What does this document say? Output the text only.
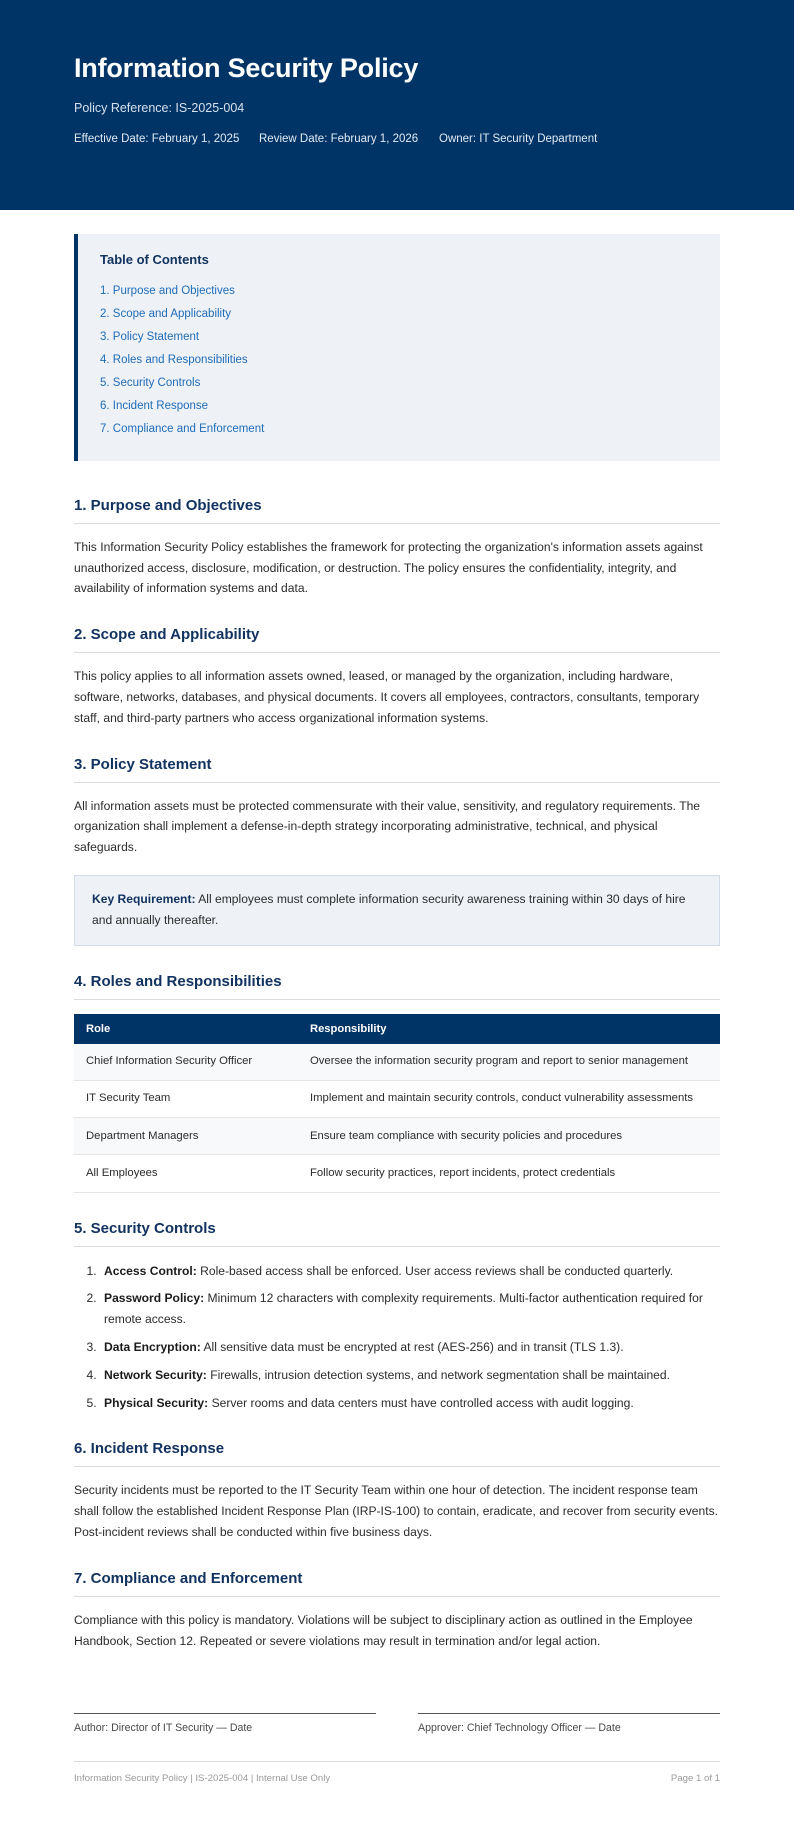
Information Security Policy
Policy Reference: IS-2025-004
Effective Date: February 1, 2025	Review Date: February 1, 2026	Owner: IT Security Department
Table of Contents
1. Purpose and Objectives
2. Scope and Applicability
3. Policy Statement
4. Roles and Responsibilities
5. Security Controls
6. Incident Response
7. Compliance and Enforcement
1. Purpose and Objectives

This Information Security Policy establishes the framework for protecting the organization's information assets against unauthorized access, disclosure, modification, or destruction. The policy ensures the confidentiality, integrity, and availability of information systems and data.

2. Scope and Applicability

This policy applies to all information assets owned, leased, or managed by the organization, including hardware, software, networks, databases, and physical documents. It covers all employees, contractors, consultants, temporary staff, and third-party partners who access organizational information systems.

3. Policy Statement

All information assets must be protected commensurate with their value, sensitivity, and regulatory requirements. The organization shall implement a defense-in-depth strategy incorporating administrative, technical, and physical safeguards.

Key Requirement: All employees must complete information security awareness training within 30 days of hire and annually thereafter.
4. Roles and Responsibilities
Role	Responsibility
Chief Information Security Officer	Oversee the information security program and report to senior management
IT Security Team	Implement and maintain security controls, conduct vulnerability assessments
Department Managers	Ensure team compliance with security policies and procedures
All Employees	Follow security practices, report incidents, protect credentials
5. Security Controls
1. Access Control: Role-based access shall be enforced. User access reviews shall be conducted quarterly.
2. Password Policy: Minimum 12 characters with complexity requirements. Multi-factor authentication required for remote access.
3. Data Encryption: All sensitive data must be encrypted at rest (AES-256) and in transit (TLS 1.3).
4. Network Security: Firewalls, intrusion detection systems, and network segmentation shall be maintained.
5. Physical Security: Server rooms and data centers must have controlled access with audit logging.
6. Incident Response

Security incidents must be reported to the IT Security Team within one hour of detection. The incident response team shall follow the established Incident Response Plan (IRP-IS-100) to contain, eradicate, and recover from security events. Post-incident reviews shall be conducted within five business days.

7. Compliance and Enforcement

Compliance with this policy is mandatory. Violations will be subject to disciplinary action as outlined in the Employee Handbook, Section 12. Repeated or severe violations may result in termination and/or legal action.

Author: Director of IT Security — Date	Approver: Chief Technology Officer — Date
Information Security Policy | IS-2025-004 | Internal Use Only	Page 1 of 1
